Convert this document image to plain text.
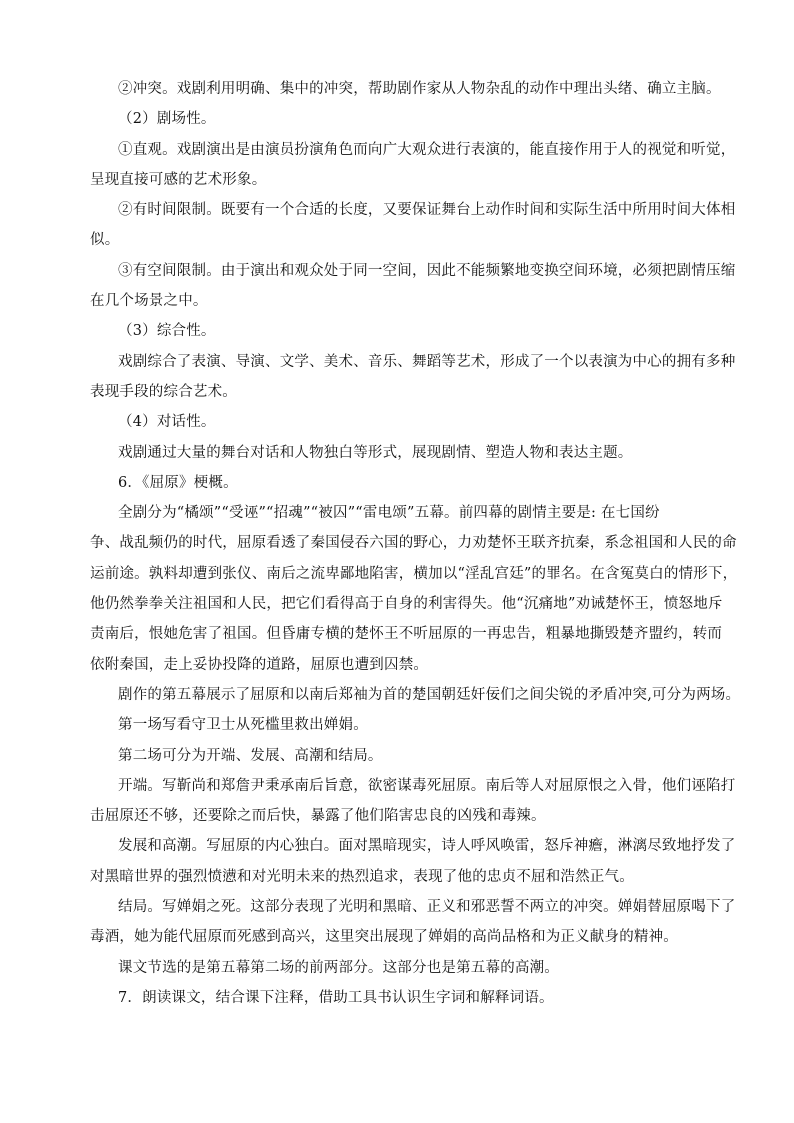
②冲突。戏剧利用明确、集中的冲突，帮助剧作家从人物杂乱的动作中理出头绪、确立主脑。
（2）剧场性。
①直观。戏剧演出是由演员扮演角色而向广大观众进行表演的，能直接作用于人的视觉和听觉，
呈现直接可感的艺术形象。
②有时间限制。既要有一个合适的长度，又要保证舞台上动作时间和实际生活中所用时间大体相
似。
③有空间限制。由于演出和观众处于同一空间，因此不能频繁地变换空间环境，必须把剧情压缩
在几个场景之中。
（3）综合性。
戏剧综合了表演、导演、文学、美术、音乐、舞蹈等艺术，形成了一个以表演为中心的拥有多种
表现手段的综合艺术。
（4）对话性。
戏剧通过大量的舞台对话和人物独白等形式，展现剧情、塑造人物和表达主题。
6．《屈原》梗概。
全剧分为“橘颂”“受诬”“招魂”“被囚”“雷电颂”五幕。前四幕的剧情主要是: 在七国纷
争、战乱频仍的时代，屈原看透了秦国侵吞六国的野心，力劝楚怀王联齐抗秦，系念祖国和人民的命
运前途。孰料却遭到张仪、南后之流卑鄙地陷害，横加以“淫乱宫廷”的罪名。在含冤莫白的情形下，
他仍然拳拳关注祖国和人民，把它们看得高于自身的利害得失。他“沉痛地”劝诫楚怀王，愤怒地斥
责南后，恨她危害了祖国。但昏庸专横的楚怀王不听屈原的一再忠告，粗暴地撕毁楚齐盟约，转而
依附秦国，走上妥协投降的道路，屈原也遭到囚禁。
剧作的第五幕展示了屈原和以南后郑袖为首的楚国朝廷奸佞们之间尖锐的矛盾冲突,可分为两场。
第一场写看守卫士从死槛里救出婵娟。
第二场可分为开端、发展、高潮和结局。
开端。写靳尚和郑詹尹秉承南后旨意，欲密谋毒死屈原。南后等人对屈原恨之入骨，他们诬陷打
击屈原还不够，还要除之而后快，暴露了他们陷害忠良的凶残和毒辣。
发展和高潮。写屈原的内心独白。面对黑暗现实，诗人呼风唤雷，怒斥神癚，淋漓尽致地抒发了
对黑暗世界的强烈愤懑和对光明未来的热烈追求，表现了他的忠贞不屈和浩然正气。
结局。写婵娟之死。这部分表现了光明和黑暗、正义和邪恶誓不两立的冲突。婵娟替屈原喝下了
毒酒，她为能代屈原而死感到高兴，这里突出展现了婵娟的高尚品格和为正义献身的精神。
课文节选的是第五幕第二场的前两部分。这部分也是第五幕的高潮。
7．朗读课文，结合课下注释，借助工具书认识生字词和解释词语。
